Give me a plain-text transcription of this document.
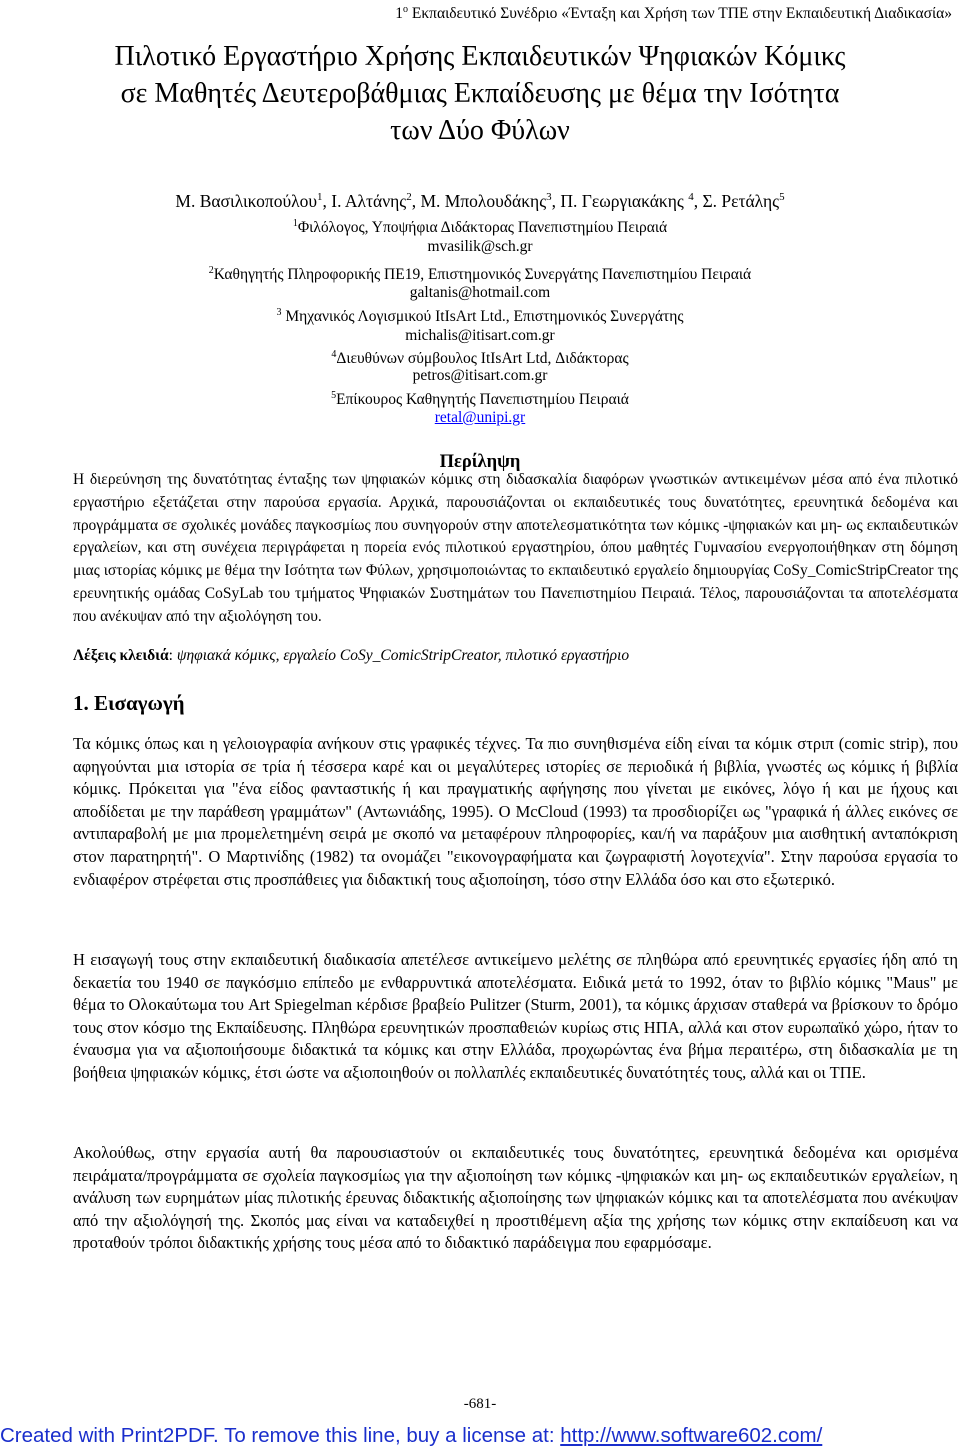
$1^o$ Εκπαιδευτικό Συνέδριο «Ένταξη και Χρήση των ΤΠΕ στην Εκπαιδευτική Διαδικασία»
Πιλοτικό Εργαστήριο Χρήσης Εκπαιδευτικών Ψηφιακών Κόμικς
σε Μαθητές Δευτεροβάθμιας Εκπαίδευσης με θέμα την Ισότητα
των Δύο Φύλων
Μ. Βασιλικοπούλου$^1$, Ι. Αλτάνης$^2$, Μ. Μπολουδάκης$^3$, Π. Γεωργιακάκης $^4$, Σ. Ρετάλης$^5$
$^1$Φιλόλογος, Υποψήφια Διδάκτορας Πανεπιστημίου Πειραιά
mvasilik@sch.gr
$^2$Καθηγητής Πληροφορικής ΠΕ19, Επιστημονικός Συνεργάτης Πανεπιστημίου Πειραιά
galtanis@hotmail.com
$^3$ Μηχανικός Λογισμικού ItIsArt Ltd., Επιστημονικός Συνεργάτης
michalis@itisart.com.gr
$^4$Διευθύνων σύμβουλος ItIsArt Ltd, Διδάκτορας
petros@itisart.com.gr
$^5$Επίκουρος Καθηγητής Πανεπιστημίου Πειραιά
retal@unipi.gr
Περίληψη
Η διερεύνηση της δυνατότητας ένταξης των ψηφιακών κόμικς στη διδασκαλία διαφόρων γνωστικών αντικειμένων μέσα από ένα πιλοτικό εργαστήριο εξετάζεται στην παρούσα εργασία. Αρχικά, παρουσιάζονται οι εκπαιδευτικές τους δυνατότητες, ερευνητικά δεδομένα και προγράμματα σε σχολικές μονάδες παγκοσμίως που συνηγορούν στην αποτελεσματικότητα των κόμικς -ψηφιακών και μη- ως εκπαιδευτικών εργαλείων, και στη συνέχεια περιγράφεται η πορεία ενός πιλοτικού εργαστηρίου, όπου μαθητές Γυμνασίου ενεργοποιήθηκαν στη δόμηση μιας ιστορίας κόμικς με θέμα την Ισότητα των Φύλων, χρησιμοποιώντας το εκπαιδευτικό εργαλείο δημιουργίας CoSy_ComicStripCreator της ερευνητικής ομάδας CoSyLab του τμήματος Ψηφιακών Συστημάτων του Πανεπιστημίου Πειραιά. Τέλος, παρουσιάζονται τα αποτελέσματα που ανέκυψαν από την αξιολόγηση του.
Λέξεις κλειδιά: ψηφιακά κόμικς, εργαλείο CoSy_ComicStripCreator, πιλοτικό εργαστήριο
1. Εισαγωγή
Τα κόμικς όπως και η γελοιογραφία ανήκουν στις γραφικές τέχνες. Τα πιο συνηθισμένα είδη είναι τα κόμικ στριπ (comic strip), που αφηγούνται μια ιστορία σε τρία ή τέσσερα καρέ και οι μεγαλύτερες ιστορίες σε περιοδικά ή βιβλία, γνωστές ως κόμικς ή βιβλία κόμικς. Πρόκειται για "ένα είδος φανταστικής ή και πραγματικής αφήγησης που γίνεται με εικόνες, λόγο ή και με ήχους και αποδίδεται με την παράθεση γραμμάτων" (Αντωνιάδης, 1995). O McCloud (1993) τα προσδιορίζει ως "γραφικά ή άλλες εικόνες σε αντιπαραβολή με μια προμελετημένη σειρά με σκοπό να μεταφέρουν πληροφορίες, και/ή να παράξουν μια αισθητική ανταπόκριση στον παρατηρητή". Ο Μαρτινίδης (1982) τα ονομάζει "εικονογραφήματα και ζωγραφιστή λογοτεχνία". Στην παρούσα εργασία το ενδιαφέρον στρέφεται στις προσπάθειες για διδακτική τους αξιοποίηση, τόσο στην Ελλάδα όσο και στο εξωτερικό.
Η εισαγωγή τους στην εκπαιδευτική διαδικασία απετέλεσε αντικείμενο μελέτης σε πληθώρα από ερευνητικές εργασίες ήδη από τη δεκαετία του 1940 σε παγκόσμιο επίπεδο με ενθαρρυντικά αποτελέσματα. Ειδικά μετά το 1992, όταν το βιβλίο κόμικς "Maus" με θέμα το Ολοκαύτωμα του Art Spiegelman κέρδισε βραβείο Pulitzer (Sturm, 2001), τα κόμικς άρχισαν σταθερά να βρίσκουν το δρόμο τους στον κόσμο της Εκπαίδευσης. Πληθώρα ερευνητικών προσπαθειών κυρίως στις ΗΠΑ, αλλά και στον ευρωπαϊκό χώρο, ήταν το έναυσμα για να αξιοποιήσουμε διδακτικά τα κόμικς και στην Ελλάδα, προχωρώντας ένα βήμα περαιτέρω, στη διδασκαλία με τη βοήθεια ψηφιακών κόμικς, έτσι ώστε να αξιοποιηθούν οι πολλαπλές εκπαιδευτικές δυνατότητές τους, αλλά και οι ΤΠΕ.
Ακολούθως, στην εργασία αυτή θα παρουσιαστούν οι εκπαιδευτικές τους δυνατότητες, ερευνητικά δεδομένα και ορισμένα πειράματα/προγράμματα σε σχολεία παγκοσμίως για την αξιοποίηση των κόμικς -ψηφιακών και μη- ως εκπαιδευτικών εργαλείων, η ανάλυση των ευρημάτων μίας πιλοτικής έρευνας διδακτικής αξιοποίησης των ψηφιακών κόμικς και τα αποτελέσματα που ανέκυψαν από την αξιολόγησή της. Σκοπός μας είναι να καταδειχθεί η προστιθέμενη αξία της χρήσης των κόμικς στην εκπαίδευση και να προταθούν τρόποι διδακτικής χρήσης τους μέσα από το διδακτικό παράδειγμα που εφαρμόσαμε.
-681-
Created with Print2PDF. To remove this line, buy a license at: http://www.software602.com/
